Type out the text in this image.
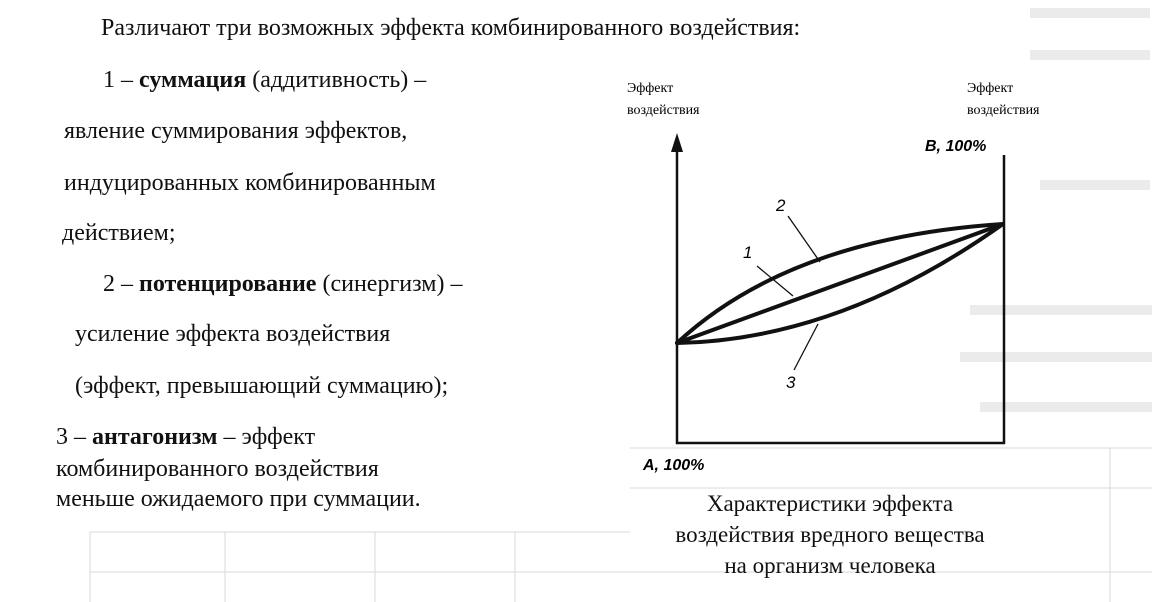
Различают три возможных эффекта комбинированного воздействия:
1 – суммация (аддитивность) –
явление суммирования эффектов,
индуцированных комбинированным
действием;
2 – потенцирование (синергизм) –
усиление эффекта воздействия
(эффект, превышающий суммацию);
3 – антагонизм – эффект
комбинированного воздействия
меньше ожидаемого при суммации.
Эффект
воздействия
Эффект
воздействия
B, 100%
A, 100%
1
2
3
Характеристики эффекта
воздействия вредного вещества
на организм человека
